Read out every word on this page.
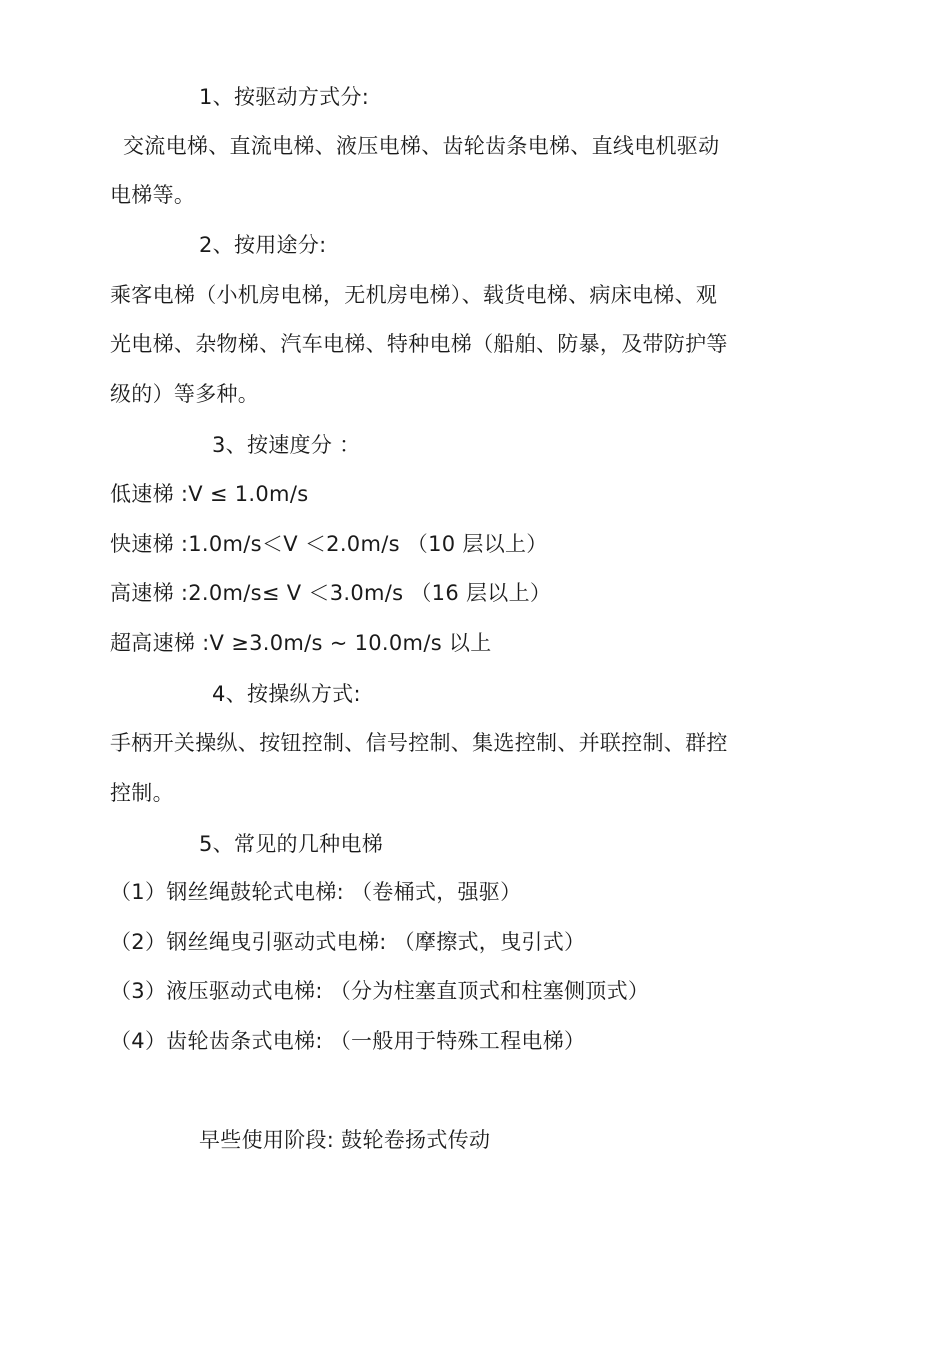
1、按驱动方式分:
交流电梯、直流电梯、液压电梯、齿轮齿条电梯、直线电机驱动
电梯等。
2、按用途分:
乘客电梯（小机房电梯，无机房电梯）、载货电梯、病床电梯、观
光电梯、杂物梯、汽车电梯、特种电梯（船舶、防暴，及带防护等
级的）等多种。
3、按速度分 ：
低速梯 :V ≤ 1.0m/s
快速梯 :1.0m/s＜V ＜2.0m/s （10 层以上）
高速梯 :2.0m/s≤ V ＜3.0m/s （16 层以上）
超高速梯 :V ≥3.0m/s ~ 10.0m/s 以上
4、按操纵方式:
手柄开关操纵、按钮控制、信号控制、集选控制、并联控制、群控
控制。
5、常见的几种电梯
（1）钢丝绳鼓轮式电梯: （卷桶式，强驱）
（2）钢丝绳曳引驱动式电梯: （摩擦式，曳引式）
（3）液压驱动式电梯: （分为柱塞直顶式和柱塞侧顶式）
（4）齿轮齿条式电梯: （一般用于特殊工程电梯）
早些使用阶段: 鼓轮卷扬式传动
